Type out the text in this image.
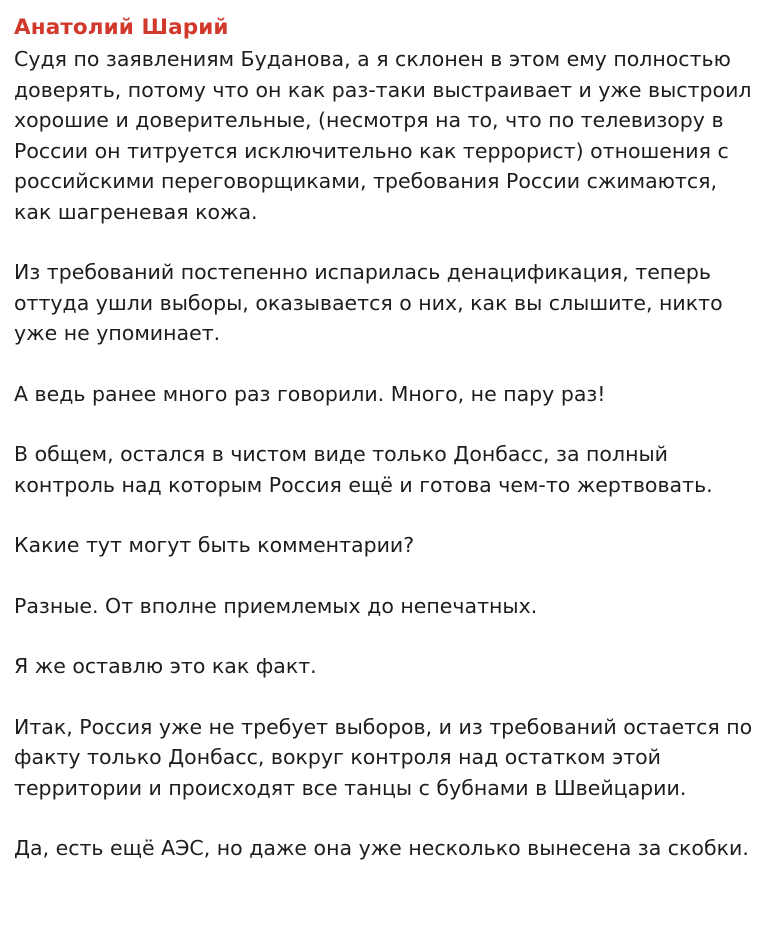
Анатолий Шарий

Судя по заявлениям Буданова, а я склонен в этом ему полностью доверять, потому что он как раз-таки выстраивает и уже выстроил хорошие и доверительные, (несмотря на то, что по телевизору в России он титруется исключительно как террорист) отношения с российскими переговорщиками, требования России сжимаются, как шагреневая кожа.

Из требований постепенно испарилась денацификация, теперь оттуда ушли выборы, оказывается о них, как вы слышите, никто уже не упоминает.

А ведь ранее много раз говорили. Много, не пару раз!

В общем, остался в чистом виде только Донбасс, за полный контроль над которым Россия ещё и готова чем-то жертвовать.

Какие тут могут быть комментарии?

Разные. От вполне приемлемых до непечатных.

Я же оставлю это как факт.

Итак, Россия уже не требует выборов, и из требований остается по факту только Донбасс, вокруг контроля над остатком этой территории и происходят все танцы с бубнами в Швейцарии.

Да, есть ещё АЭС, но даже она уже несколько вынесена за скобки.
